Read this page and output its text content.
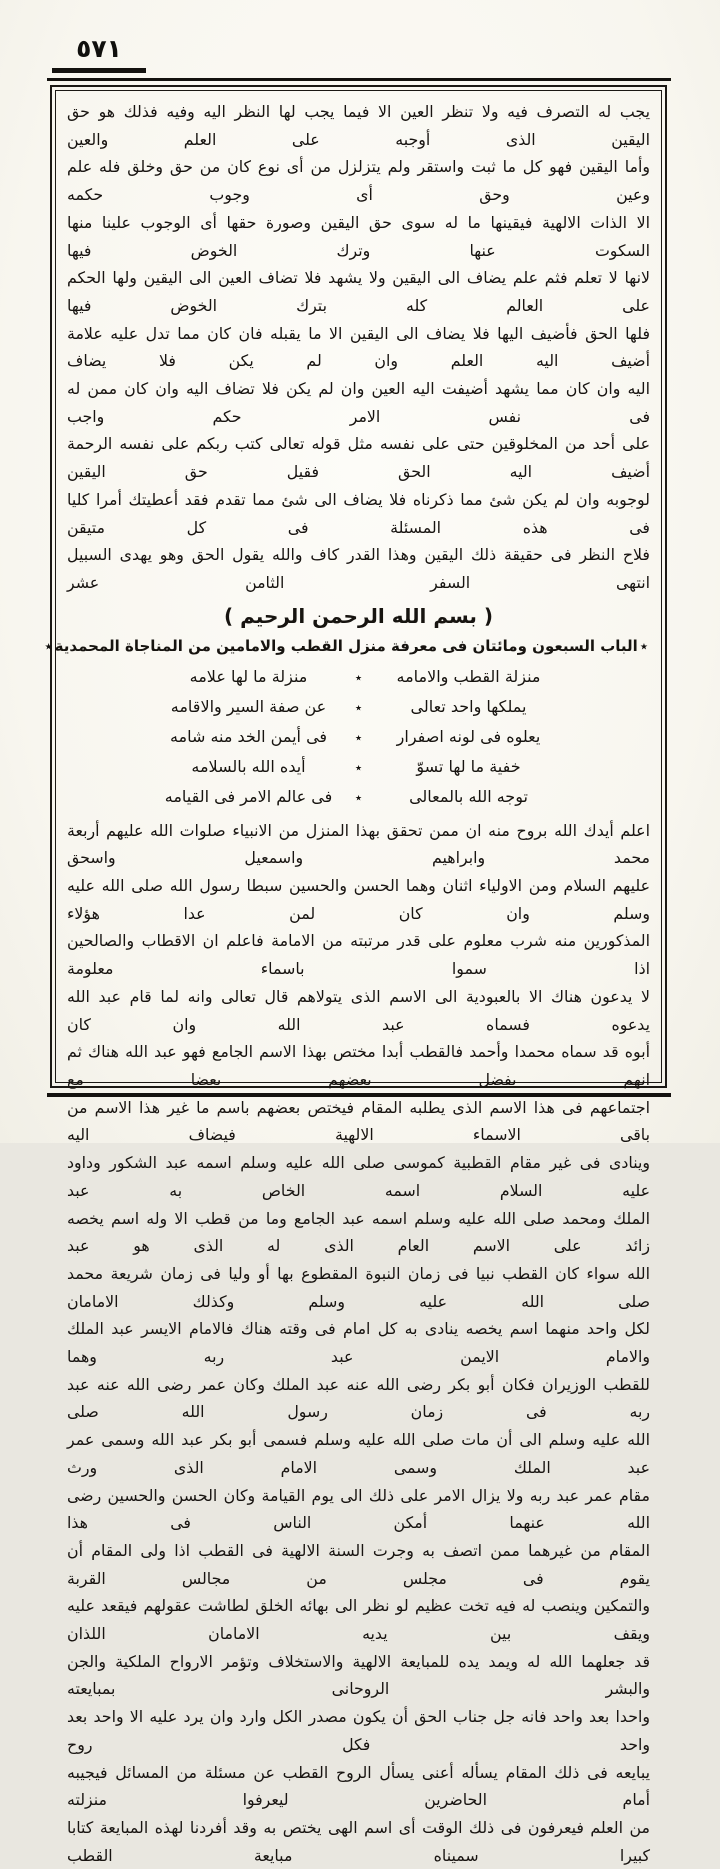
٥٧١
يجب له التصرف فيه ولا تنظر العين الا فيما يجب لها النظر اليه وفيه فذلك هو حق اليقين الذى أوجبه على العلم والعين
وأما اليقين فهو كل ما ثبت واستقر ولم يتزلزل من أى نوع كان من حق وخلق فله علم وعين وحق أى وجوب حكمه
الا الذات الالهية فيقينها ما له سوى حق اليقين وصورة حقها أى الوجوب علينا منها السكوت عنها وترك الخوض فيها
لانها لا تعلم فثم علم يضاف الى اليقين ولا يشهد فلا تضاف العين الى اليقين ولها الحكم على العالم كله بترك الخوض فيها
فلها الحق فأضيف اليها فلا يضاف الى اليقين الا ما يقبله فان كان مما تدل عليه علامة أضيف اليه العلم وان لم يكن فلا يضاف
اليه وان كان مما يشهد أضيفت اليه العين وان لم يكن فلا تضاف اليه وان كان ممن له فى نفس الامر حكم واجب
على أحد من المخلوقين حتى على نفسه مثل قوله تعالى كتب ربكم على نفسه الرحمة أضيف اليه الحق فقيل حق اليقين
لوجوبه وان لم يكن شئ مما ذكرناه فلا يضاف الى شئ مما تقدم فقد أعطيتك أمرا كليا فى هذه المسئلة فى كل متيقن
فلاح النظر فى حقيقة ذلك اليقين وهذا القدر كاف والله يقول الحق وهو يهدى السبيل انتهى السفر الثامن عشر
( بسم الله الرحمن الرحيم )
٭الباب السبعون ومائتان فى معرفة منزل القطب والامامين من المناجاة المحمدية٭
منزلة القطب والامامه
٭
منزلة ما لها علامه
يملكها واحد تعالى
٭
عن صفة السير والاقامه
يعلوه فى لونه اصفرار
٭
فى أيمن الخد منه شامه
خفية ما لها تسوّ
٭
أيده الله بالسلامه
توجه الله بالمعالى
٭
فى عالم الامر فى القيامه
اعلم أيدك الله بروح منه ان ممن تحقق بهذا المنزل من الانبياء صلوات الله عليهم أربعة محمد وابراهيم واسمعيل واسحق
عليهم السلام ومن الاولياء اثنان وهما الحسن والحسين سبطا رسول الله صلى الله عليه وسلم وان كان لمن عدا هؤلاء
المذكورين منه شرب معلوم على قدر مرتبته من الامامة فاعلم ان الاقطاب والصالحين اذا سموا باسماء معلومة
لا يدعون هناك الا بالعبودية الى الاسم الذى يتولاهم قال تعالى وانه لما قام عبد الله يدعوه فسماه عبد الله وان كان
أبوه قد سماه محمدا وأحمد فالقطب أبدا مختص بهذا الاسم الجامع فهو عبد الله هناك ثم انهم يفضل بعضهم بعضا مع
اجتماعهم فى هذا الاسم الذى يطلبه المقام فيختص بعضهم باسم ما غير هذا الاسم من باقى الاسماء الالهية فيضاف اليه
وينادى فى غير مقام القطبية كموسى صلى الله عليه وسلم اسمه عبد الشكور وداود عليه السلام اسمه الخاص به عبد
الملك ومحمد صلى الله عليه وسلم اسمه عبد الجامع وما من قطب الا وله اسم يخصه زائد على الاسم العام الذى له الذى هو عبد
الله سواء كان القطب نبيا فى زمان النبوة المقطوع بها أو وليا فى زمان شريعة محمد صلى الله عليه وسلم وكذلك الامامان
لكل واحد منهما اسم يخصه ينادى به كل امام فى وقته هناك فالامام الايسر عبد الملك والامام الايمن عبد ربه وهما
للقطب الوزيران فكان أبو بكر رضى الله عنه عبد الملك وكان عمر رضى الله عنه عبد ربه فى زمان رسول الله صلى
الله عليه وسلم الى أن مات صلى الله عليه وسلم فسمى أبو بكر عبد الله وسمى عمر عبد الملك وسمى الامام الذى ورث
مقام عمر عبد ربه ولا يزال الامر على ذلك الى يوم القيامة وكان الحسن والحسين رضى الله عنهما أمكن الناس فى هذا
المقام من غيرهما ممن اتصف به وجرت السنة الالهية فى القطب اذا ولى المقام أن يقوم فى مجلس من مجالس القربة
والتمكين وينصب له فيه تخت عظيم لو نظر الى بهائه الخلق لطاشت عقولهم فيقعد عليه ويقف بين يديه الامامان اللذان
قد جعلهما الله له ويمد يده للمبايعة الالهية والاستخلاف وتؤمر الارواح الملكية والجن والبشر الروحانى بمبايعته
واحدا بعد واحد فانه جل جناب الحق أن يكون مصدر الكل وارد وان يرد عليه الا واحد بعد واحد فكل روح
يبايعه فى ذلك المقام يسأله أعنى يسأل الروح القطب عن مسئلة من المسائل فيجيبه أمام الحاضرين ليعرفوا منزلته
من العلم فيعرفون فى ذلك الوقت أى اسم الهى يختص به وقد أفردنا لهذه المبايعة كتابا كبيرا سميناه مبايعة القطب
